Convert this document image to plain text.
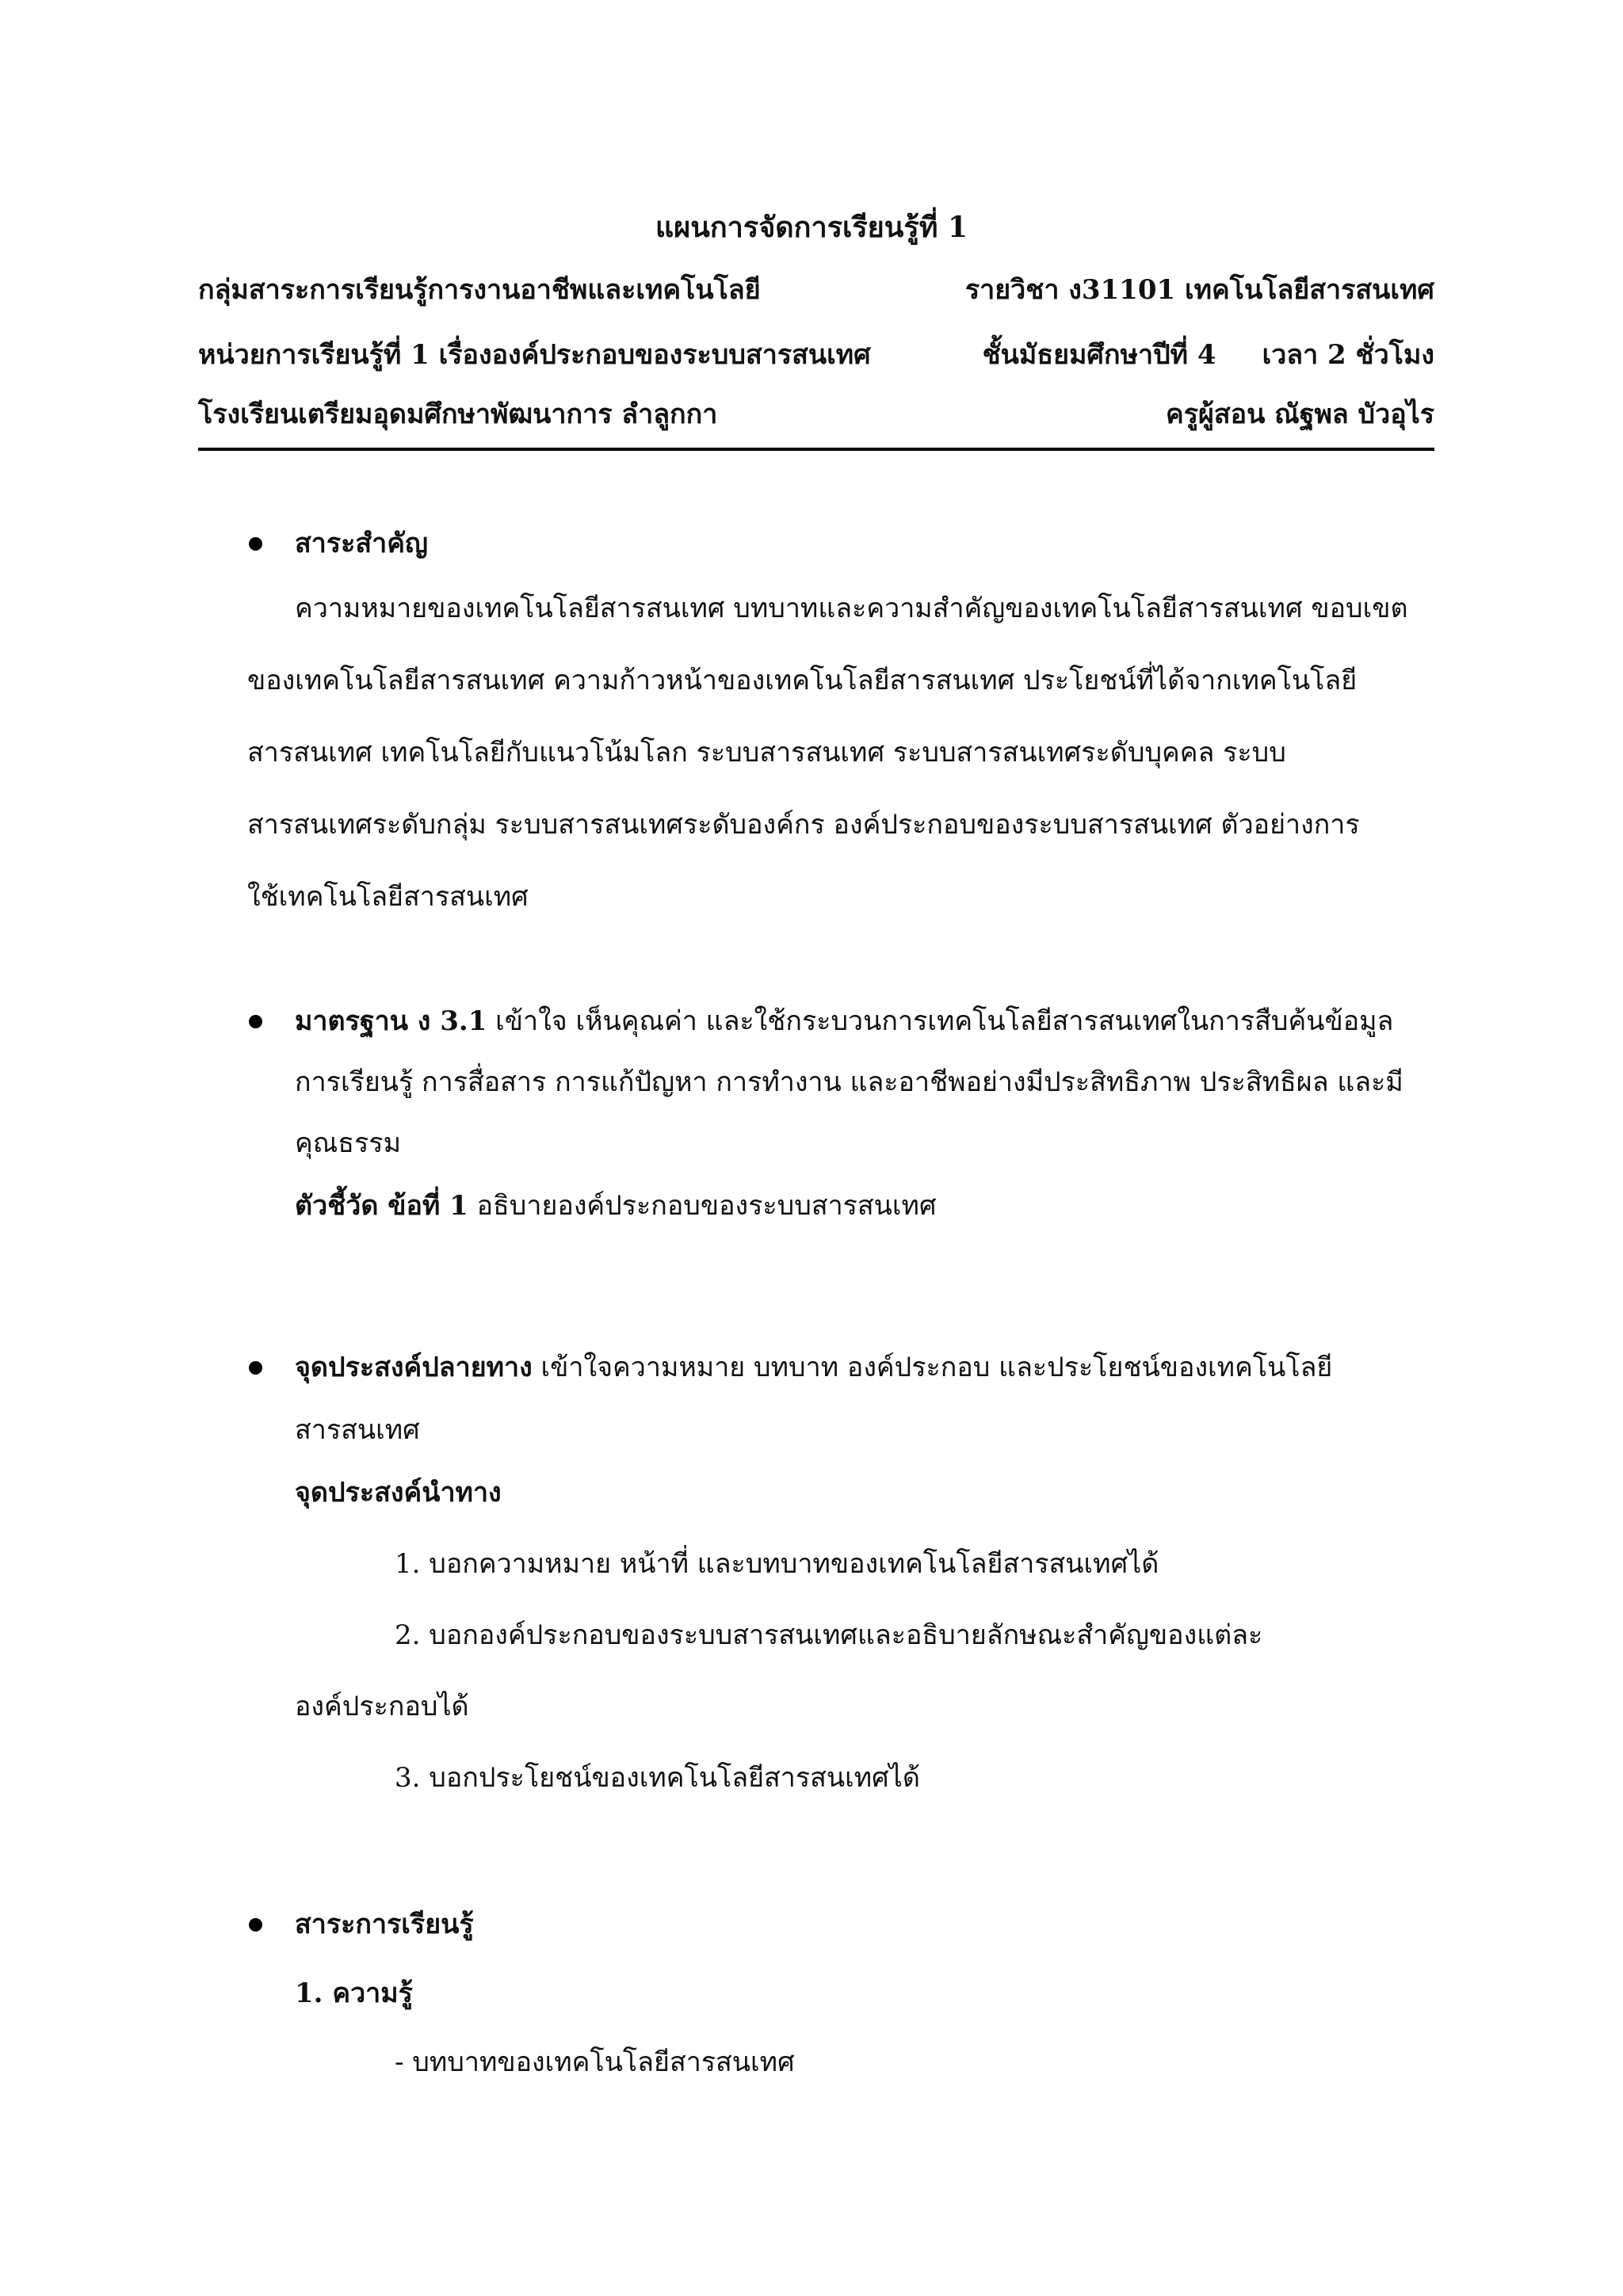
แผนการจัดการเรียนรู้ที่ 1
กลุ่มสาระการเรียนรู้การงานอาชีพและเทคโนโลยี	รายวิชา ง31101 เทคโนโลยีสารสนเทศ
หน่วยการเรียนรู้ที่ 1 เรื่ององค์ประกอบของระบบสารสนเทศ	ชั้นมัธยมศึกษาปีที่ 4 เวลา 2 ชั่วโมง
โรงเรียนเตรียมอุดมศึกษาพัฒนาการ ลำลูกกา	ครูผู้สอน ณัฐพล บัวอุไร
สาระสำคัญ
ความหมายของเทคโนโลยีสารสนเทศ บทบาทและความสำคัญของเทคโนโลยีสารสนเทศ ขอบเขต
ของเทคโนโลยีสารสนเทศ ความก้าวหน้าของเทคโนโลยีสารสนเทศ ประโยชน์ที่ได้จากเทคโนโลยี
สารสนเทศ เทคโนโลยีกับแนวโน้มโลก ระบบสารสนเทศ ระบบสารสนเทศระดับบุคคล ระบบ
สารสนเทศระดับกลุ่ม ระบบสารสนเทศระดับองค์กร องค์ประกอบของระบบสารสนเทศ ตัวอย่างการ
ใช้เทคโนโลยีสารสนเทศ
มาตรฐาน ง 3.1 เข้าใจ เห็นคุณค่า และใช้กระบวนการเทคโนโลยีสารสนเทศในการสืบค้นข้อมูล
การเรียนรู้ การสื่อสาร การแก้ปัญหา การทำงาน และอาชีพอย่างมีประสิทธิภาพ ประสิทธิผล และมี
คุณธรรม
ตัวชี้วัด ข้อที่ 1 อธิบายองค์ประกอบของระบบสารสนเทศ
จุดประสงค์ปลายทาง เข้าใจความหมาย บทบาท องค์ประกอบ และประโยชน์ของเทคโนโลยี
สารสนเทศ
จุดประสงค์นำทาง
1. บอกความหมาย หน้าที่ และบทบาทของเทคโนโลยีสารสนเทศได้
2. บอกองค์ประกอบของระบบสารสนเทศและอธิบายลักษณะสำคัญของแต่ละ
องค์ประกอบได้
3. บอกประโยชน์ของเทคโนโลยีสารสนเทศได้
สาระการเรียนรู้
1. ความรู้
- บทบาทของเทคโนโลยีสารสนเทศ
